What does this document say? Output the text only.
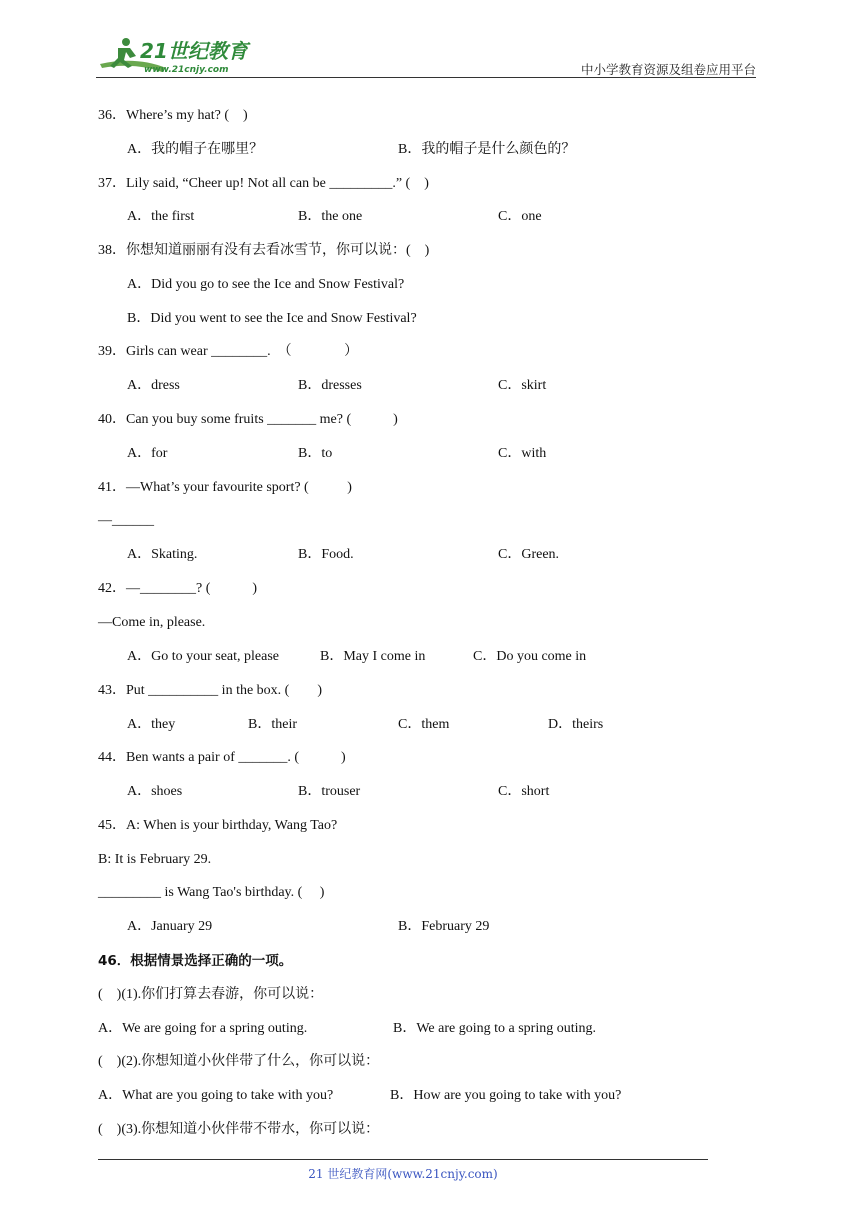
21世纪教育
www.21cnjy.com	中小学教育资源及组卷应用平台
36．Where’s my hat? (    )
A．我的帽子在哪里？	B．我的帽子是什么颜色的？
37．Lily said, “Cheer up! Not all can be _________.” (    )
A．the first	B．the one	C．one
38．你想知道丽丽有没有去看冰雪节，你可以说：(    )
A．Did you go to see the Ice and Snow Festival?
B．Did you went to see the Ice and Snow Festival?
39．Girls can wear ________.  （               ）
A．dress	B．dresses	C．skirt
40．Can you buy some fruits _______ me? (            )
A．for	B．to	C．with
41．—What’s your favourite sport? (           )
—______
A．Skating.	B．Food.	C．Green.
42．—________? (            )
—Come in, please.
A．Go to your seat, please	B．May I come in	C．Do you come in
43．Put __________ in the box. (        )
A．they	B．their	C．them	D．theirs
44．Ben wants a pair of _______. (            )
A．shoes	B．trouser	C．short
45．A: When is your birthday, Wang Tao?
B: It is February 29.
_________ is Wang Tao's birthday. (     )
A．January 29	B．February 29
46．根据情景选择正确的一项。
(    )(1).你们打算去春游，你可以说：
A．We are going for a spring outing.	B．We are going to a spring outing.
(    )(2).你想知道小伙伴带了什么，你可以说：
A．What are you going to take with you?	B．How are you going to take with you?
(    )(3).你想知道小伙伴带不带水，你可以说：
21 世纪教育网(www.21cnjy.com)
